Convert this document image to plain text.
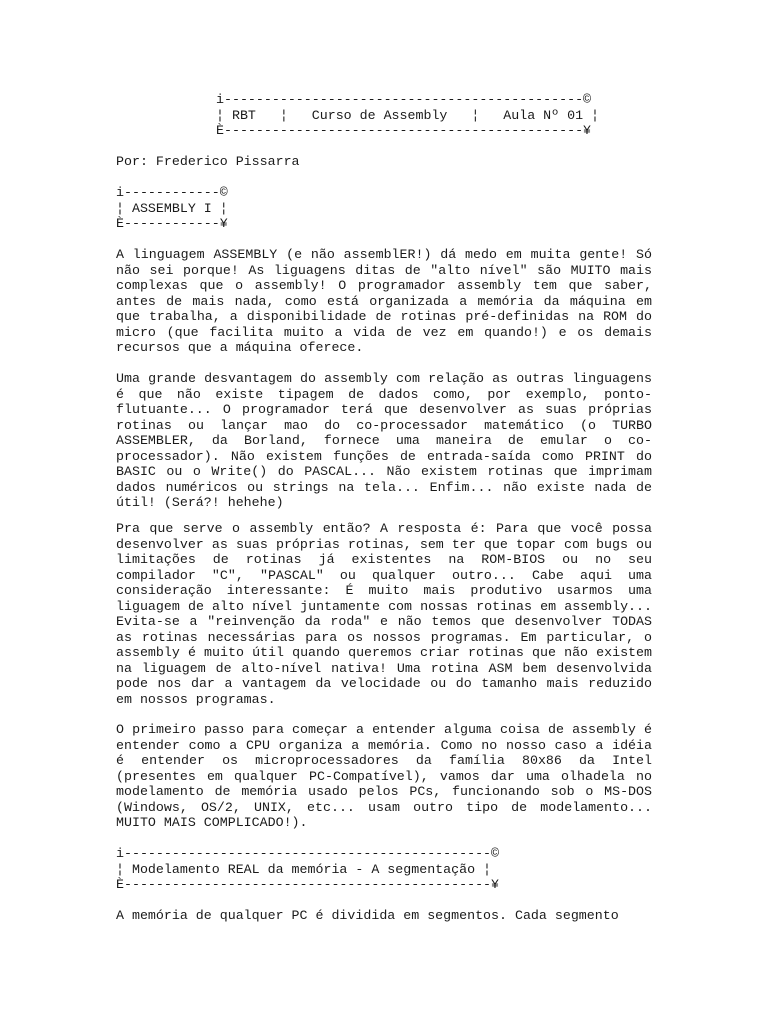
i---------------------------------------------©
¦ RBT   ¦   Curso de Assembly   ¦   Aula Nº 01 ¦
È---------------------------------------------¥
Por: Frederico Pissarra
i------------©
¦ ASSEMBLY I ¦
È------------¥

A linguagem ASSEMBLY (e não assemblER!) dá medo em muita gente! Só não sei porque! As liguagens ditas de "alto nível" são MUITO mais complexas que o assembly! O programador assembly tem que saber, antes de mais nada, como está organizada a memória da máquina em que trabalha, a disponibilidade de rotinas pré-definidas na ROM do micro (que facilita muito a vida de vez em quando!) e os demais recursos que a máquina oferece.

Uma grande desvantagem do assembly com relação as outras linguagens é que não existe tipagem de dados como, por exemplo, ponto-flutuante... O programador terá que desenvolver as suas próprias rotinas ou lançar mao do co-processador matemático (o TURBO ASSEMBLER, da Borland, fornece uma maneira de emular o co-processador). Não existem funções de entrada-saída como PRINT do BASIC ou o Write() do PASCAL... Não existem rotinas que imprimam dados numéricos ou strings na tela... Enfim... não existe nada de útil! (Será?! hehehe)

Pra que serve o assembly então? A resposta é: Para que você possa desenvolver as suas próprias rotinas, sem ter que topar com bugs ou limitações de rotinas já existentes na ROM-BIOS ou no seu compilador "C", "PASCAL" ou qualquer outro... Cabe aqui uma consideração interessante: É muito mais produtivo usarmos uma liguagem de alto nível juntamente com nossas rotinas em assembly... Evita-se a "reinvenção da roda" e não temos que desenvolver TODAS as rotinas necessárias para os nossos programas. Em particular, o assembly é muito útil quando queremos criar rotinas que não existem na liguagem de alto-nível nativa! Uma rotina ASM bem desenvolvida pode nos dar a vantagem da velocidade ou do tamanho mais reduzido em nossos programas.

O primeiro passo para começar a entender alguma coisa de assembly é entender como a CPU organiza a memória. Como no nosso caso a idéia é entender os microprocessadores da família 80x86 da Intel (presentes em qualquer PC-Compatível), vamos dar uma olhadela no modelamento de memória usado pelos PCs, funcionando sob o MS-DOS (Windows, OS/2, UNIX, etc... usam outro tipo de modelamento... MUITO MAIS COMPLICADO!).

i----------------------------------------------©
¦ Modelamento REAL da memória - A segmentação ¦
È----------------------------------------------¥

A memória de qualquer PC é dividida em segmentos. Cada segmento
